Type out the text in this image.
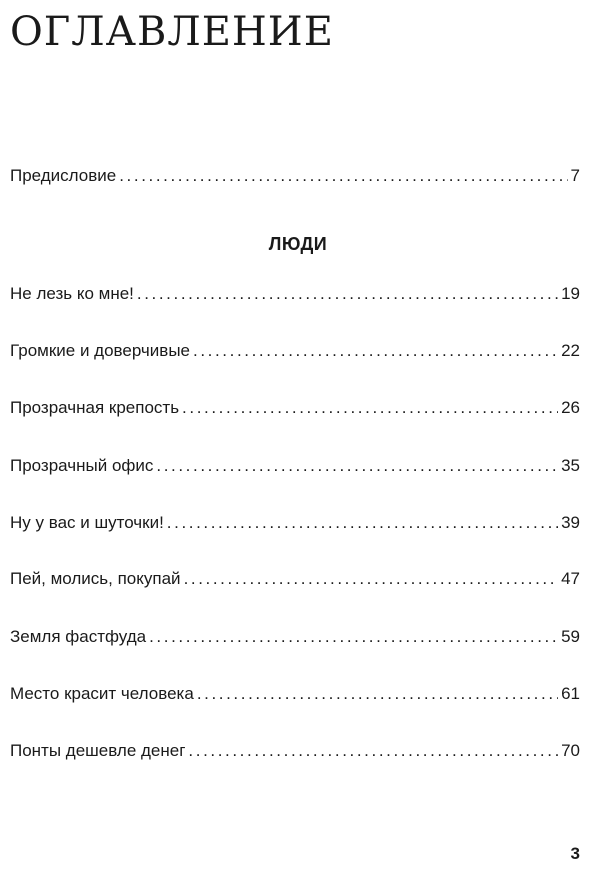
ОГЛАВЛЕНИЕ
Предисловие .....	7
ЛЮДИ
Не лезь ко мне! .....	19
Громкие и доверчивые .....	22
Прозрачная крепость .....	26
Прозрачный офис .....	35
Ну у вас и шуточки! .....	39
Пей, молись, покупай .....	47
Земля фастфуда .....	59
Место красит человека .....	61
Понты дешевле денег .....	70
3
